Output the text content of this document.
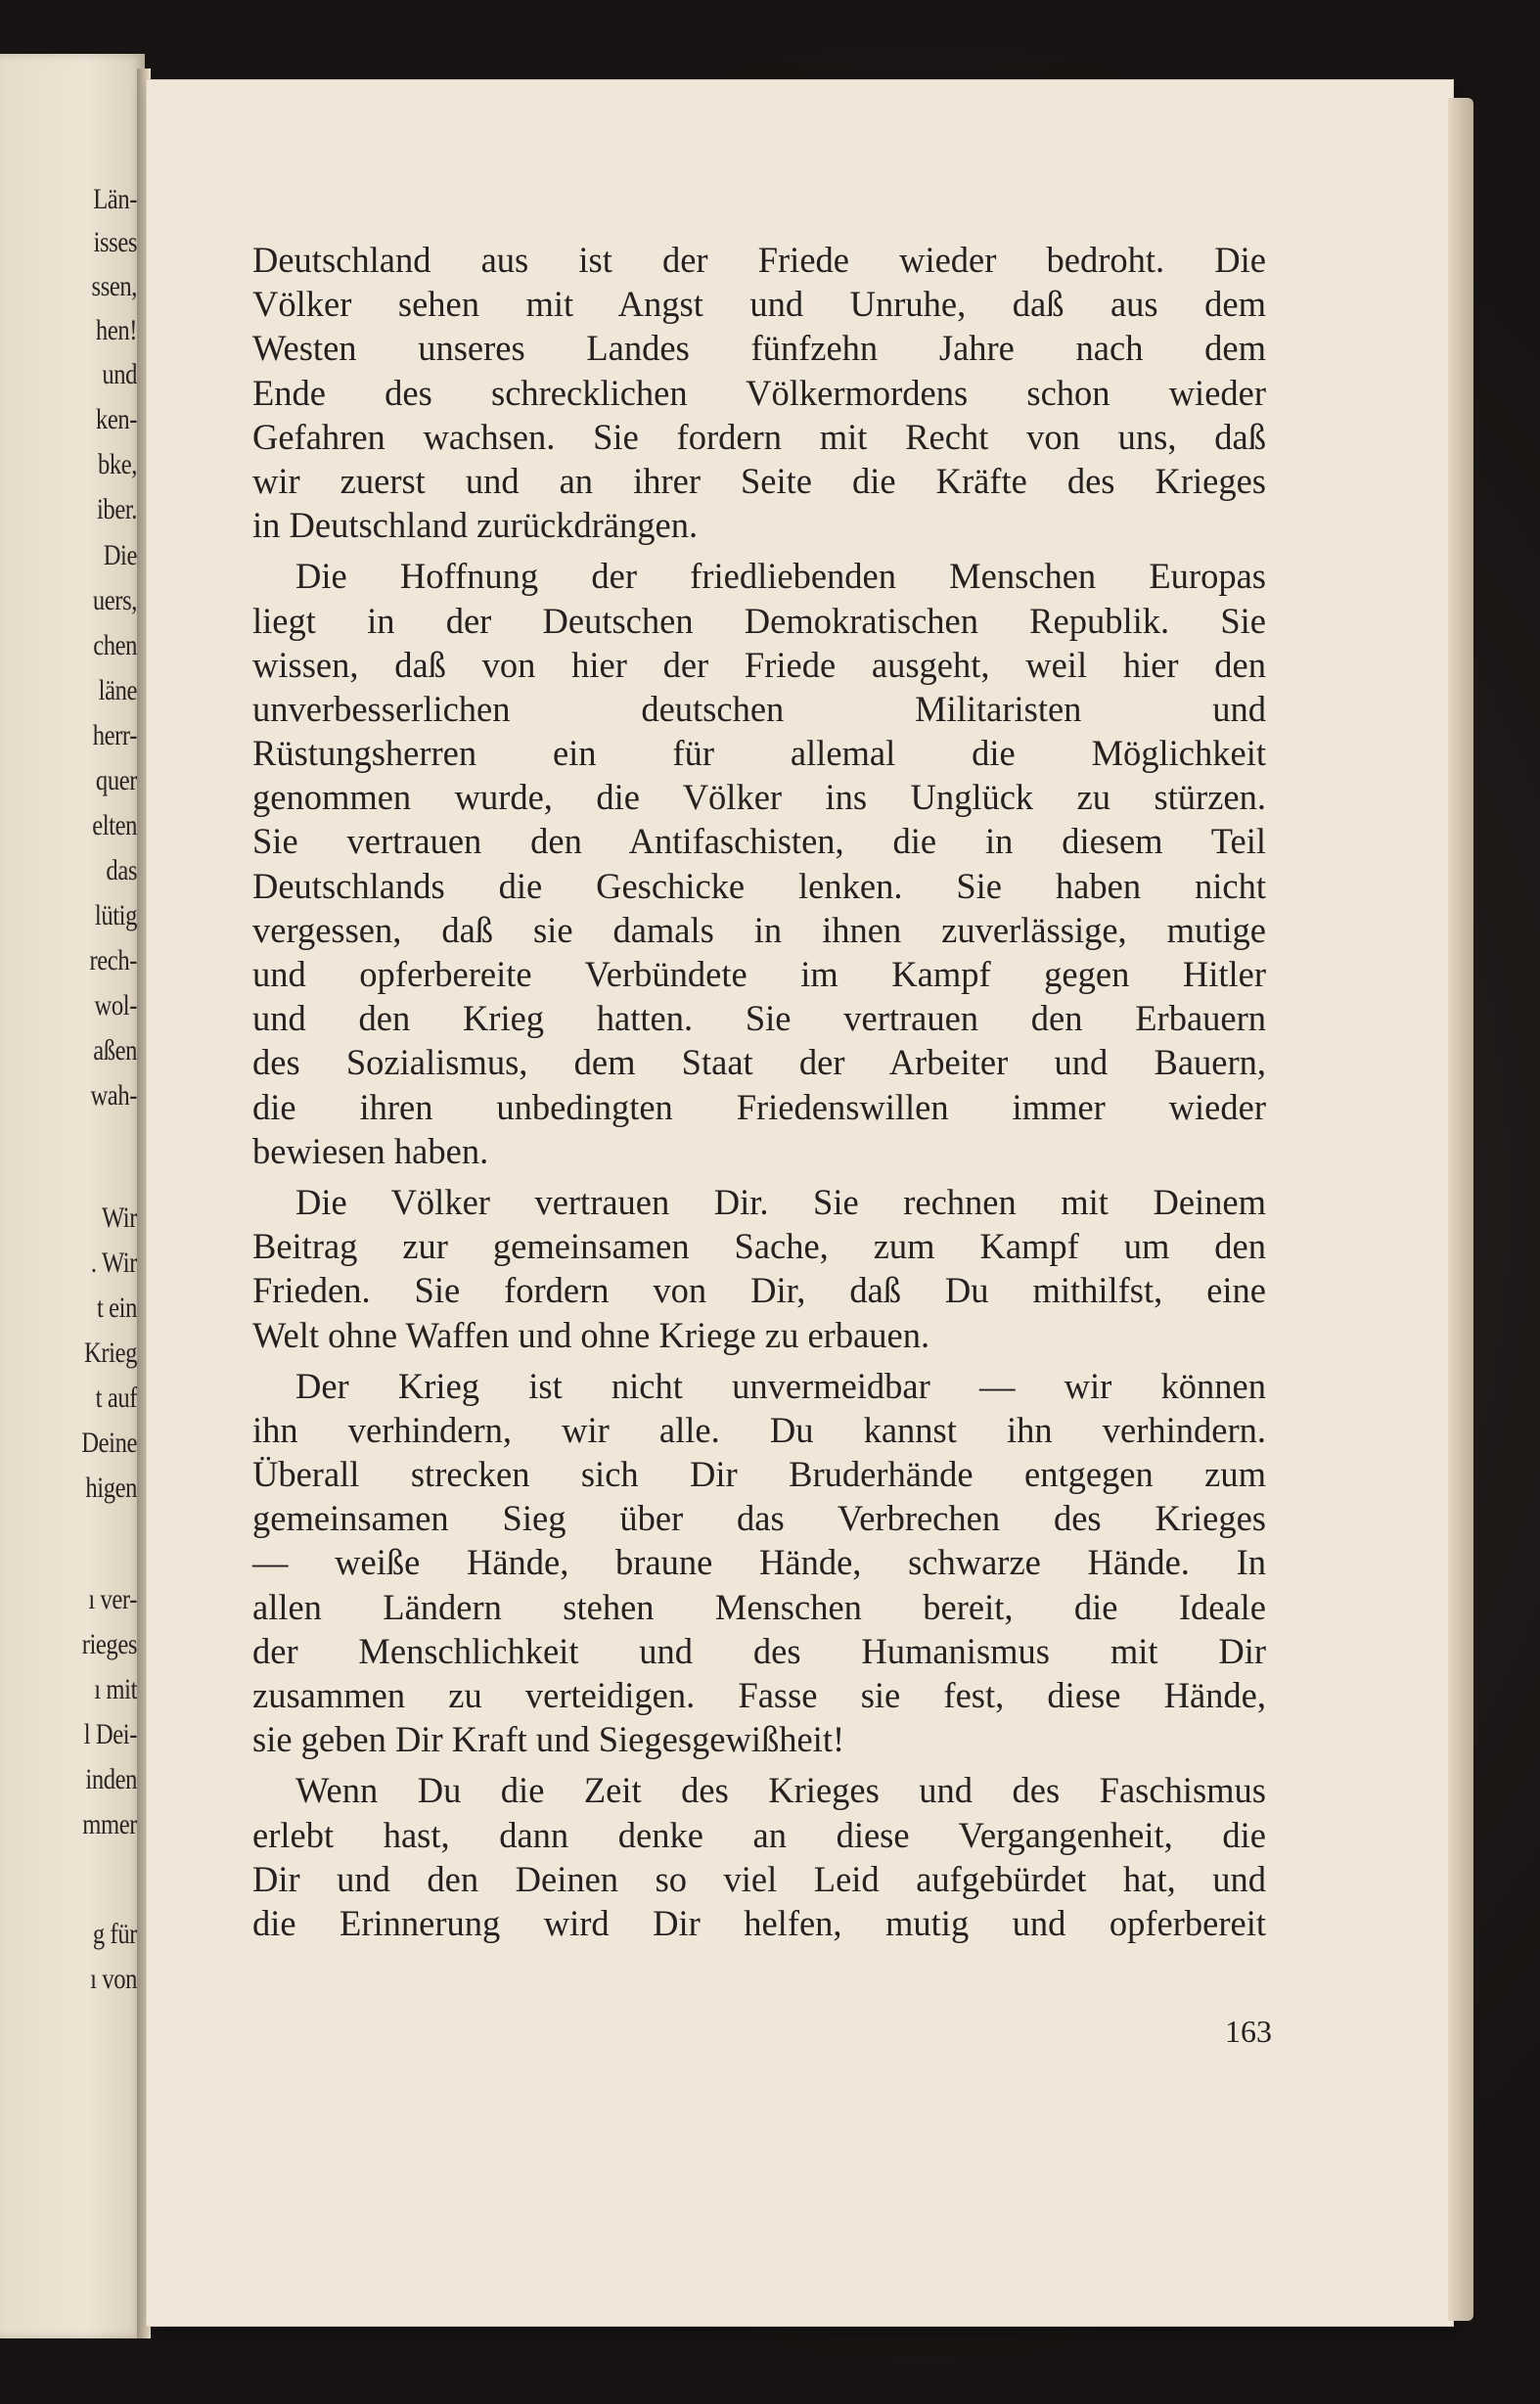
Län-
isses
ssen,
hen!
und
ken-
bke,
iber.
Die
uers,
chen
läne
herr-
quer
elten
das
lütig
rech-
wol-
aßen
wah-
Wir
. Wir
t ein
Krieg
t auf
Deine
higen
ı ver-
rieges
ı mit
l Dei-
inden
mmer
g für
ı von
Deutschland aus ist der Friede wieder bedroht. Die
Völker sehen mit Angst und Unruhe, daß aus dem
Westen unseres Landes fünfzehn Jahre nach dem
Ende des schrecklichen Völkermordens schon wieder
Gefahren wachsen. Sie fordern mit Recht von uns, daß
wir zuerst und an ihrer Seite die Kräfte des Krieges
in Deutschland zurückdrängen.
Die Hoffnung der friedliebenden Menschen Europas
liegt in der Deutschen Demokratischen Republik. Sie
wissen, daß von hier der Friede ausgeht, weil hier den
unverbesserlichen deutschen Militaristen und
Rüstungsherren ein für allemal die Möglichkeit
genommen wurde, die Völker ins Unglück zu stürzen.
Sie vertrauen den Antifaschisten, die in diesem Teil
Deutschlands die Geschicke lenken. Sie haben nicht
vergessen, daß sie damals in ihnen zuverlässige, mutige
und opferbereite Verbündete im Kampf gegen Hitler
und den Krieg hatten. Sie vertrauen den Erbauern
des Sozialismus, dem Staat der Arbeiter und Bauern,
die ihren unbedingten Friedenswillen immer wieder
bewiesen haben.
Die Völker vertrauen Dir. Sie rechnen mit Deinem
Beitrag zur gemeinsamen Sache, zum Kampf um den
Frieden. Sie fordern von Dir, daß Du mithilfst, eine
Welt ohne Waffen und ohne Kriege zu erbauen.
Der Krieg ist nicht unvermeidbar — wir können
ihn verhindern, wir alle. Du kannst ihn verhindern.
Überall strecken sich Dir Bruderhände entgegen zum
gemeinsamen Sieg über das Verbrechen des Krieges
— weiße Hände, braune Hände, schwarze Hände. In
allen Ländern stehen Menschen bereit, die Ideale
der Menschlichkeit und des Humanismus mit Dir
zusammen zu verteidigen. Fasse sie fest, diese Hände,
sie geben Dir Kraft und Siegesgewißheit!
Wenn Du die Zeit des Krieges und des Faschismus
erlebt hast, dann denke an diese Vergangenheit, die
Dir und den Deinen so viel Leid aufgebürdet hat, und
die Erinnerung wird Dir helfen, mutig und opferbereit
163
